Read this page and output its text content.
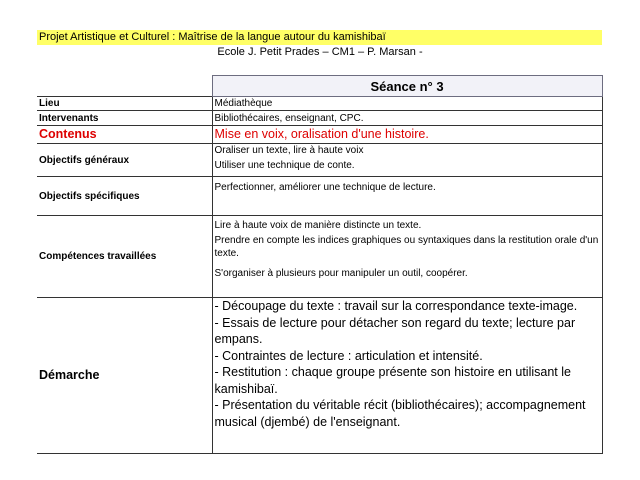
Projet Artistique et Culturel : Maîtrise de la langue autour du kamishibaï
Ecole J. Petit Prades – CM1 – P. Marsan -
	Séance n° 3
Lieu	Médiathèque
Intervenants	Bibliothécaires, enseignant, CPC.
Contenus	Mise en voix, oralisation d'une histoire.
Objectifs généraux	Oraliser un texte, lire à haute voix

Utiliser une technique de conte.

Objectifs spécifiques	Perfectionner, améliorer une technique de lecture.

Compétences travaillées	Lire à haute voix de manière distincte un texte.

Prendre en compte les indices graphiques ou syntaxiques dans la restitution orale d'un texte.

S'organiser à plusieurs pour manipuler un outil, coopérer.

Démarche	- Découpage du texte : travail sur la correspondance texte-image.

- Essais de lecture pour détacher son regard du texte; lecture par empans.

- Contraintes de lecture : articulation et intensité.

- Restitution : chaque groupe présente son histoire en utilisant le kamishibaï.

- Présentation du véritable récit (bibliothécaires); accompagnement musical (djembé) de l'enseignant.
